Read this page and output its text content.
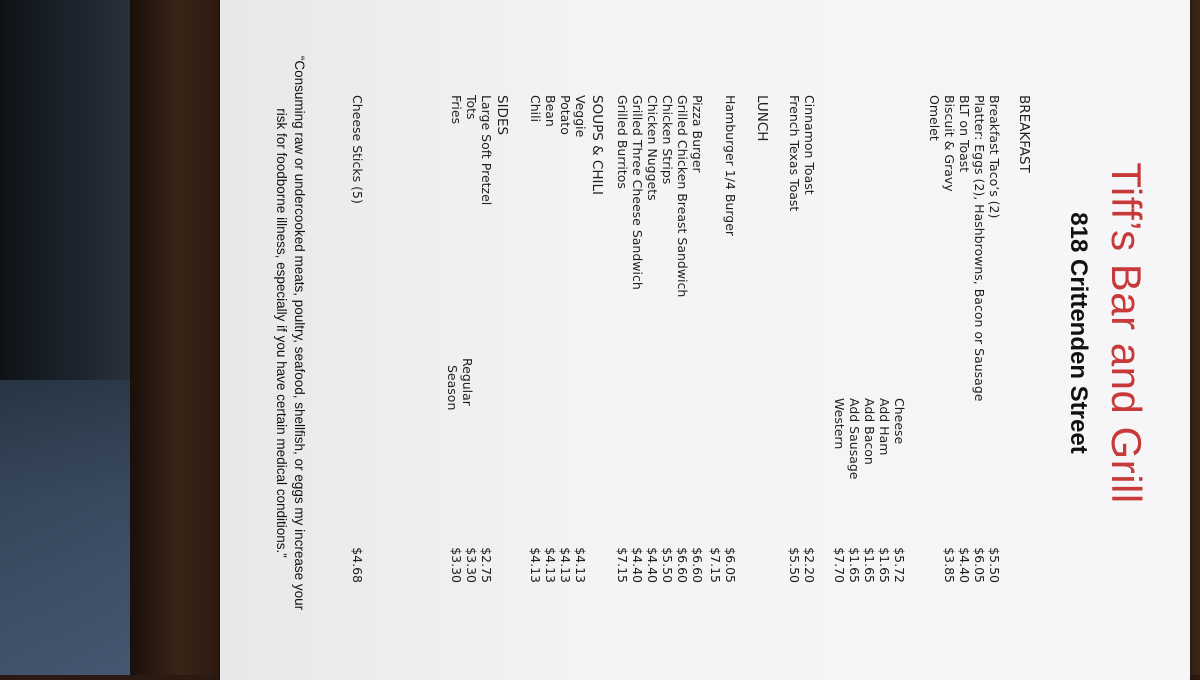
Tiff’s Bar and Grill
818 Crittenden Street
BREAKFAST
Breakfast Taco’s (2)
Platter: Eggs (2), Hashbrowns, Bacon or Sausage
BLT on Toast
Biscuit & Gravy
Omelet
$5.50
$6.05
$4.40
$3.85
Cheese
Add Ham
Add Bacon
Add Sausage
Western
$5.72
$1.65
$1.65
$1.65
$7.70
Cinnamon Toast
French Texas Toast
$2.20
$5.50
LUNCH
Hamburger 1/4 Burger
Pizza Burger
Grilled Chicken Breast Sandwich
Chicken Strips
Chicken Nuggets
Grilled Three Cheese Sandwich
Grilled Burritos
$6.05
$7.15
$6.60
$6.60
$5.50
$4.40
$4.40
$7.15
SOUPS & CHILI
Veggie
Potato
Bean
Chili
$4.13
$4.13
$4.13
$4.13
SIDES
Large Soft Pretzel
Tots
Fries
$2.75
$3.30
$3.30
Regular
Season
Cheese Sticks (5)
$4.68
“Consuming raw or undercooked meats, poultry, seafood, shellfish, or eggs my increase your
risk for foodborne illness, especially if you have certain medical conditions.”
